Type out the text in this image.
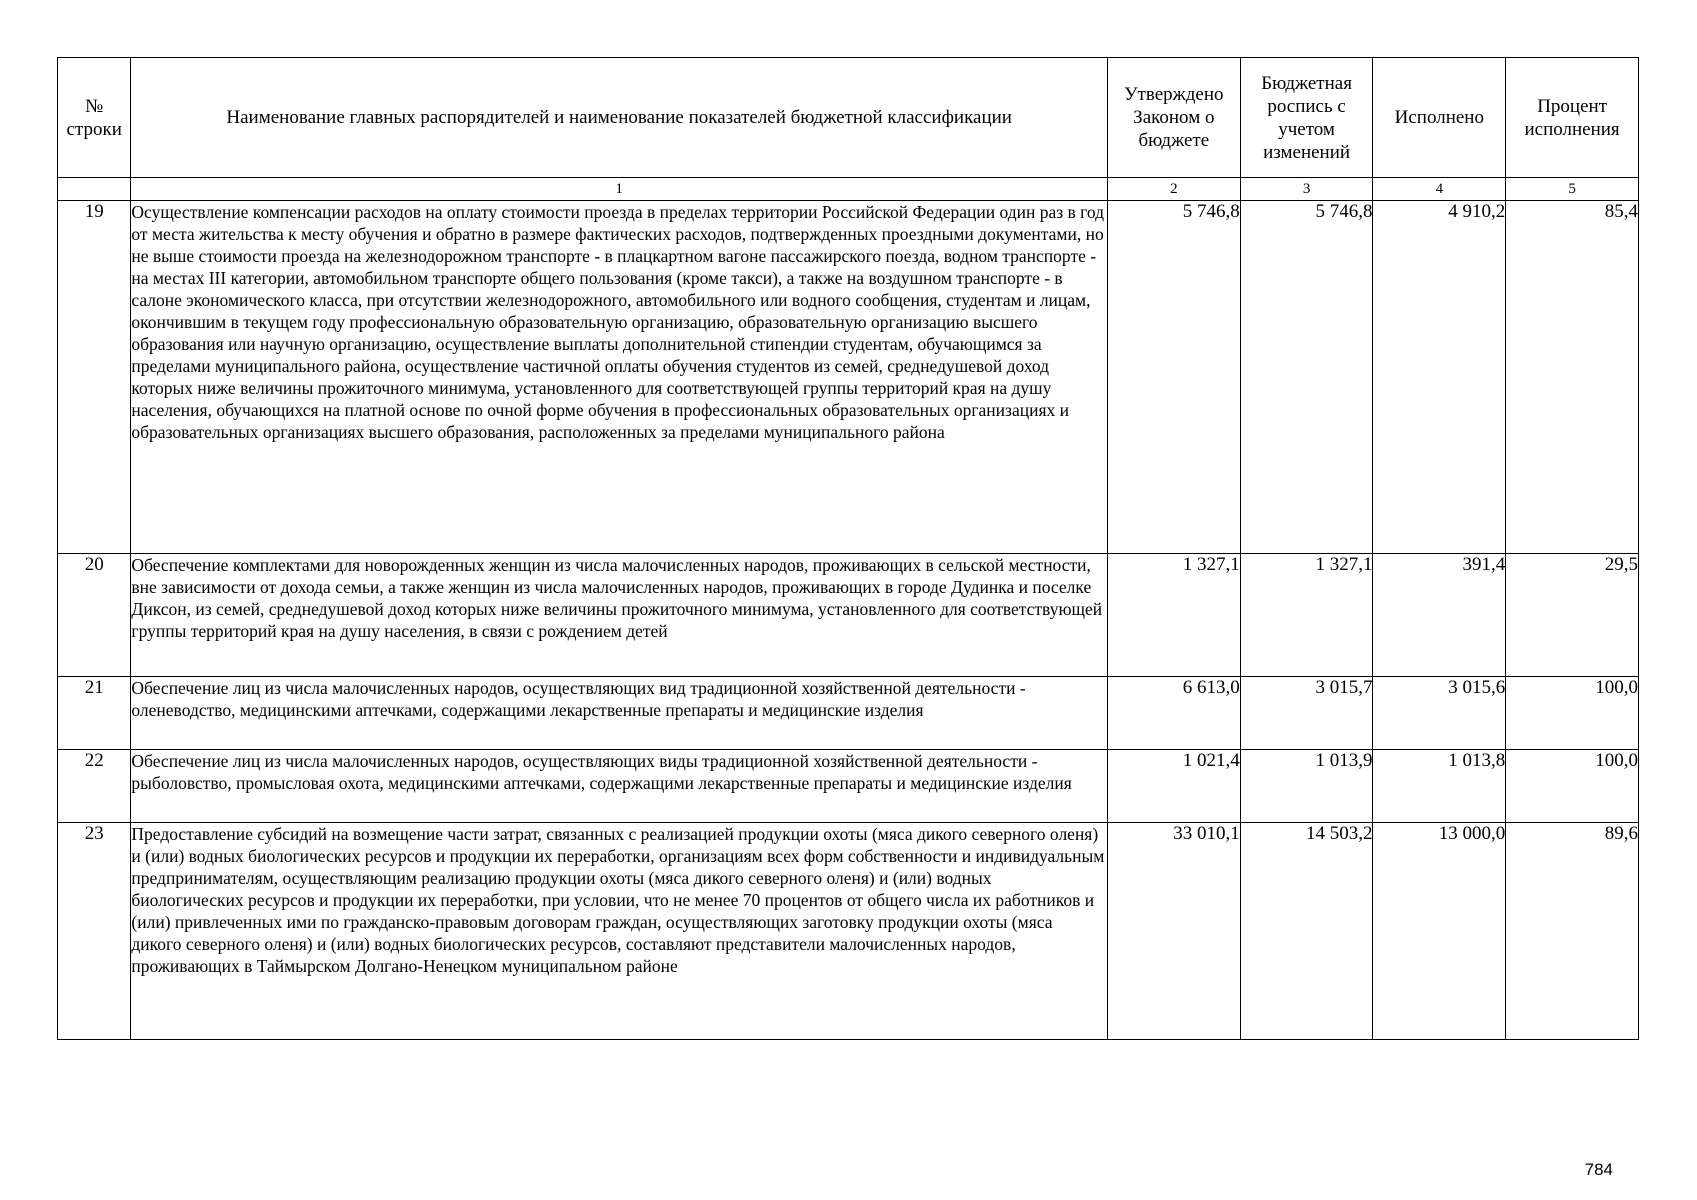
№ строки	Наименование главных распорядителей и наименование показателей бюджетной классификации	Утверждено Законом о бюджете	Бюджетная роспись с учетом изменений	Исполнено	Процент исполнения
	1	2	3	4	5
19	Осуществление компенсации расходов на оплату стоимости проезда в пределах территории Российской Федерации один раз в год от места жительства к месту обучения и обратно в размере фактических расходов, подтвержденных проездными документами, но не выше стоимости проезда на железнодорожном транспорте - в плацкартном вагоне пассажирского поезда, водном транспорте - на местах III категории, автомобильном транспорте общего пользования (кроме такси), а также на воздушном транспорте - в салоне экономического класса, при отсутствии железнодорожного, автомобильного или водного сообщения, студентам и лицам, окончившим в текущем году профессиональную образовательную организацию, образовательную организацию высшего образования или научную организацию, осуществление выплаты дополнительной стипендии студентам, обучающимся за пределами муниципального района, осуществление частичной оплаты обучения студентов из семей, среднедушевой доход которых ниже величины прожиточного минимума, установленного для соответствующей группы территорий края на душу населения, обучающихся на платной основе по очной форме обучения в профессиональных образовательных организациях и образовательных организациях высшего образования, расположенных за пределами муниципального района	5 746,8	5 746,8	4 910,2	85,4
20	Обеспечение комплектами для новорожденных женщин из числа малочисленных народов, проживающих в сельской местности, вне зависимости от дохода семьи, а также женщин из числа малочисленных народов, проживающих в городе Дудинка и поселке Диксон, из семей, среднедушевой доход которых ниже величины прожиточного минимума, установленного для соответствующей группы территорий края на душу населения, в связи с рождением детей	1 327,1	1 327,1	391,4	29,5
21	Обеспечение лиц из числа малочисленных народов, осуществляющих вид традиционной хозяйственной деятельности - оленеводство, медицинскими аптечками, содержащими лекарственные препараты и медицинские изделия	6 613,0	3 015,7	3 015,6	100,0
22	Обеспечение лиц из числа малочисленных народов, осуществляющих виды традиционной хозяйственной деятельности - рыболовство, промысловая охота, медицинскими аптечками, содержащими лекарственные препараты и медицинские изделия	1 021,4	1 013,9	1 013,8	100,0
23	Предоставление субсидий на возмещение части затрат, связанных с реализацией продукции охоты (мяса дикого северного оленя) и (или) водных биологических ресурсов и продукции их переработки, организациям всех форм собственности и индивидуальным предпринимателям, осуществляющим реализацию продукции охоты (мяса дикого северного оленя) и (или) водных биологических ресурсов и продукции их переработки, при условии, что не менее 70 процентов от общего числа их работников и (или) привлеченных ими по гражданско-правовым договорам граждан, осуществляющих заготовку продукции охоты (мяса дикого северного оленя) и (или) водных биологических ресурсов, составляют представители малочисленных народов, проживающих в Таймырском Долгано-Ненецком муниципальном районе	33 010,1	14 503,2	13 000,0	89,6
784
